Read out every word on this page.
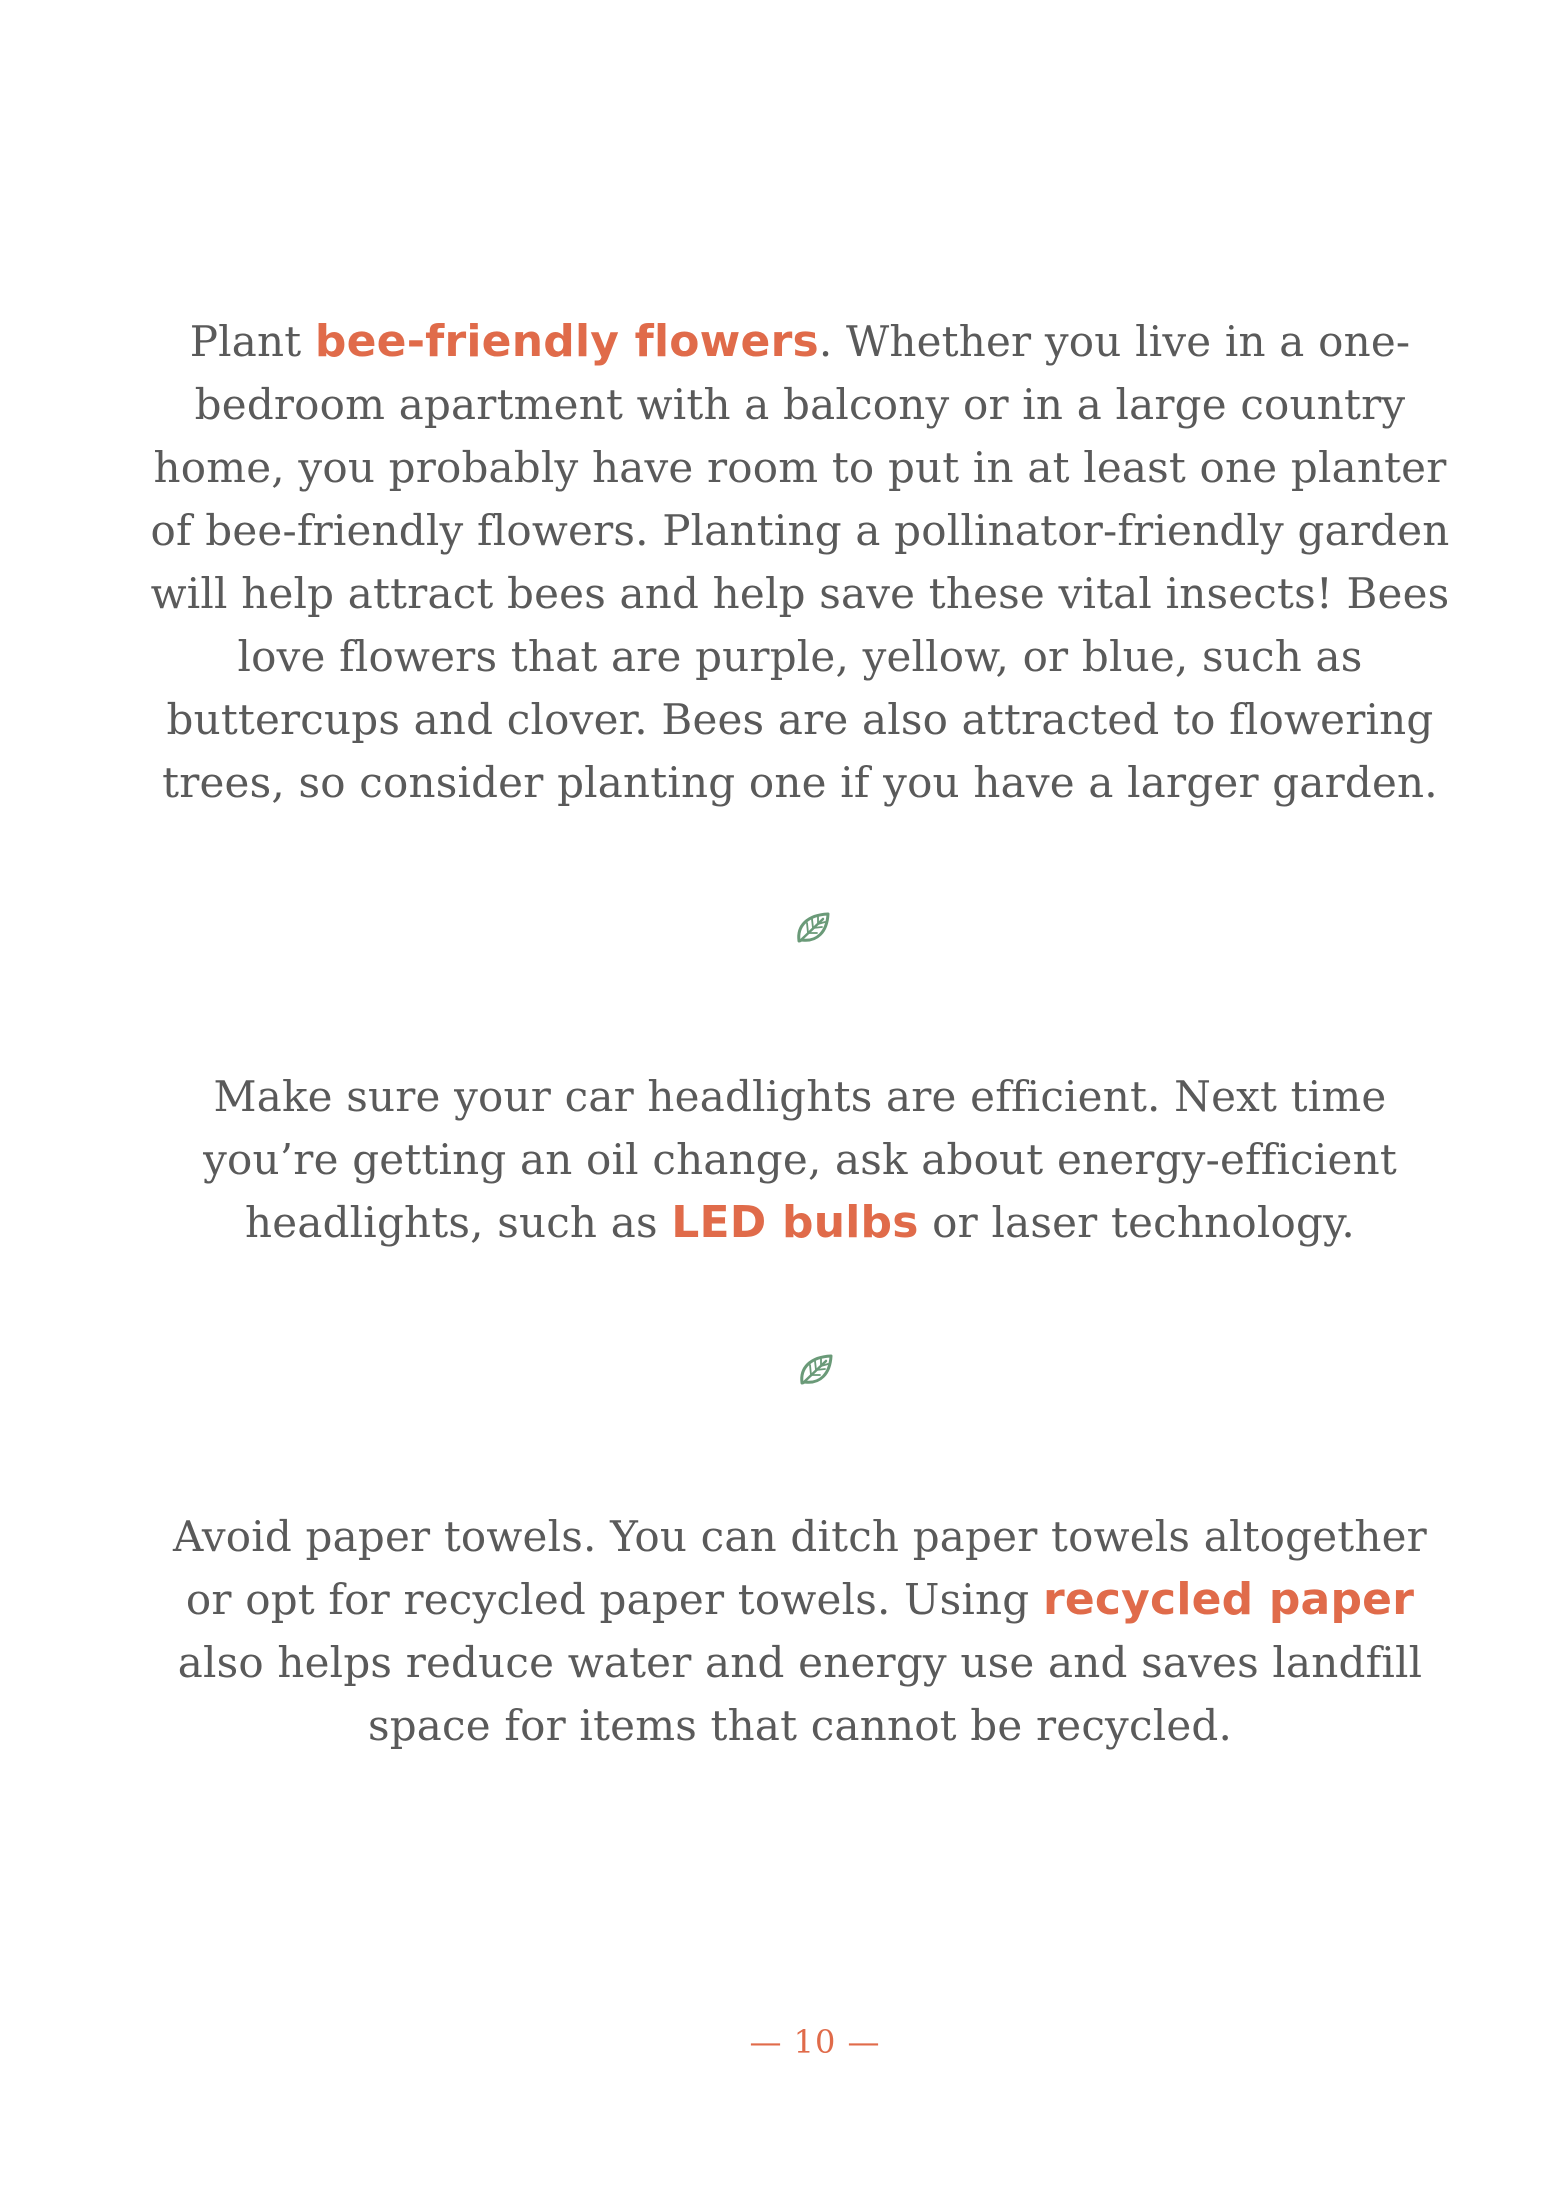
Plant bee-friendly flowers. Whether you live in a one-bedroom apartment with a balcony or in a large country home, you probably have room to put in at least one planter of bee-friendly flowers. Planting a pollinator-friendly garden will help attract bees and help save these vital insects! Bees love flowers that are purple, yellow, or blue, such as buttercups and clover. Bees are also attracted to flowering trees, so consider planting one if you have a larger garden.

Make sure your car headlights are efficient. Next time you’re getting an oil change, ask about energy-efficient headlights, such as LED bulbs or laser technology.

Avoid paper towels. You can ditch paper towels altogether or opt for recycled paper towels. Using recycled paper also helps reduce water and energy use and saves landfill space for items that cannot be recycled.

— 10 —
